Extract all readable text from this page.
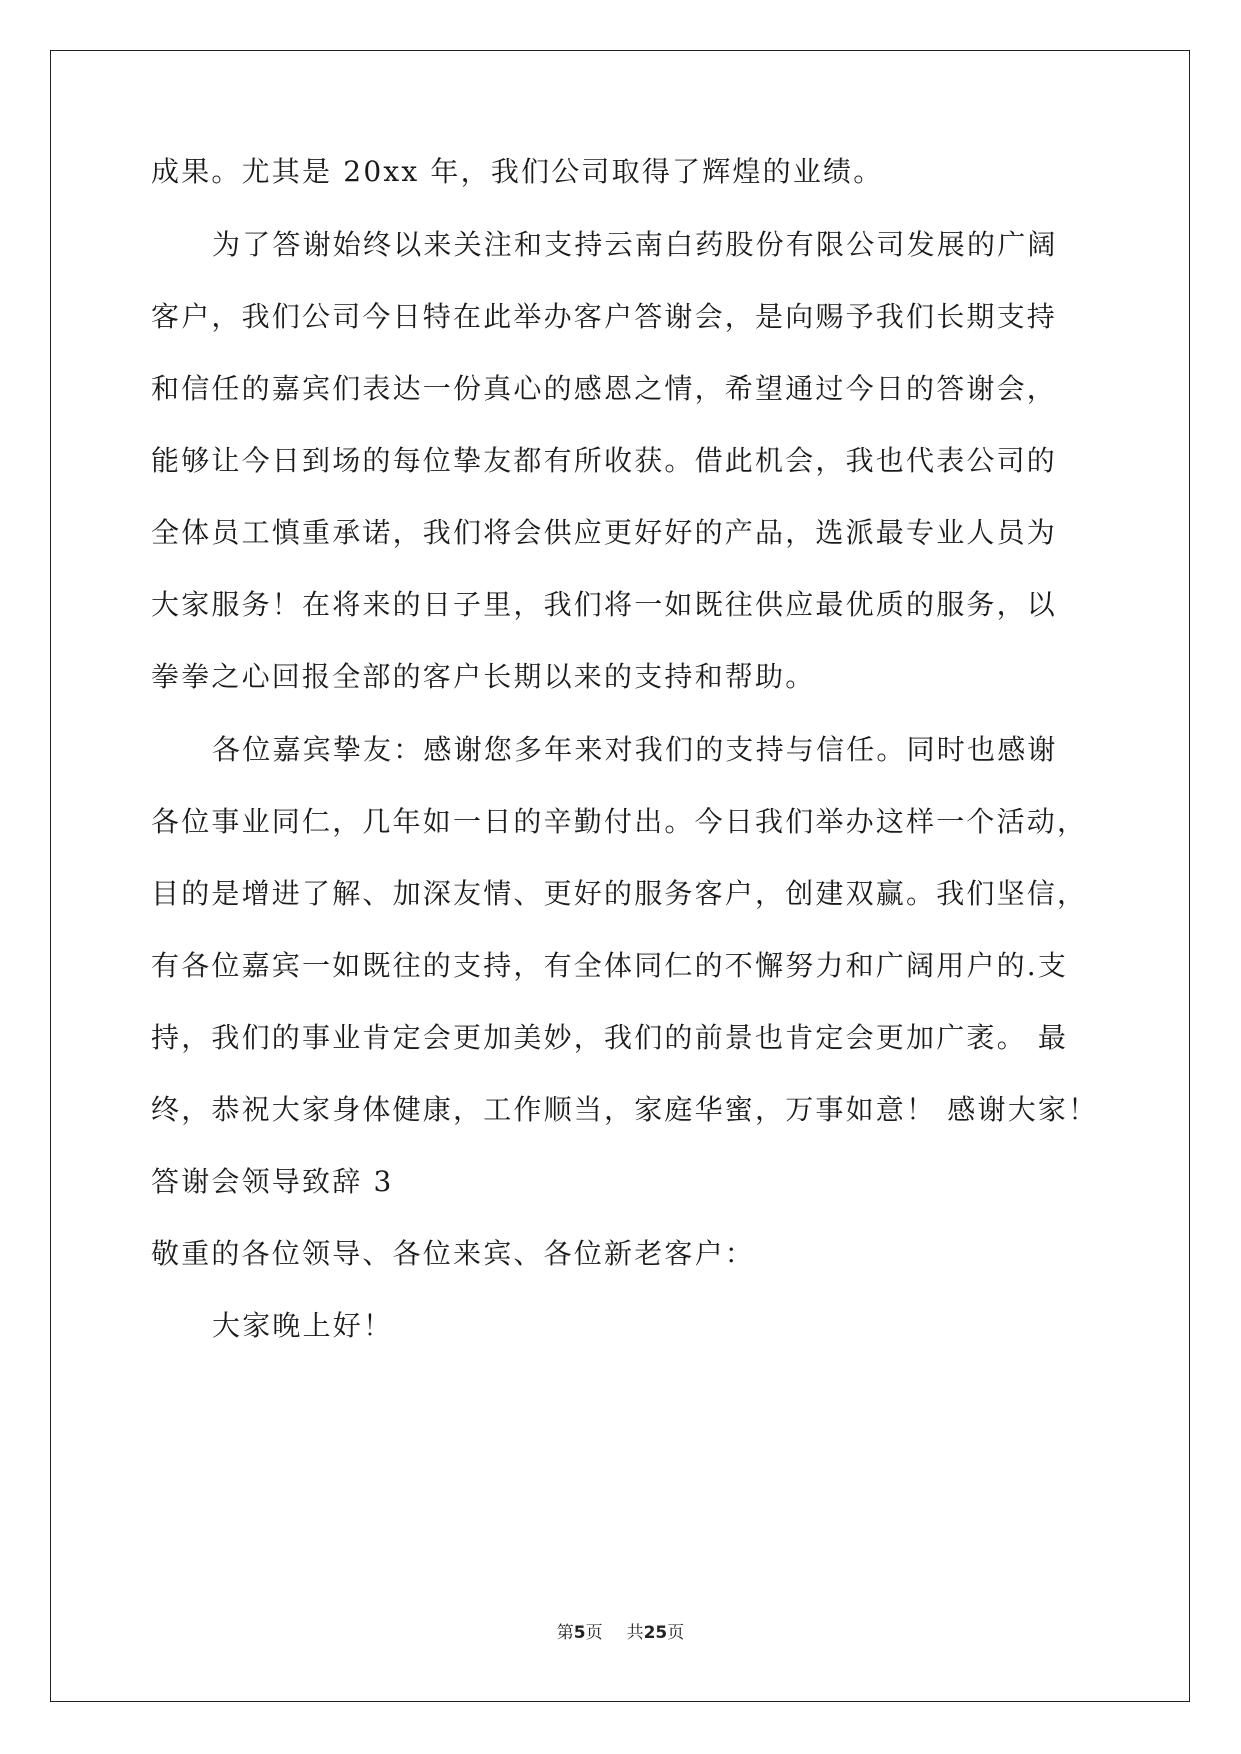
成果。尤其是 20xx 年，我们公司取得了辉煌的业绩。
为了答谢始终以来关注和支持云南白药股份有限公司发展的广阔
客户，我们公司今日特在此举办客户答谢会，是向赐予我们长期支持
和信任的嘉宾们表达一份真心的感恩之情，希望通过今日的答谢会，
能够让今日到场的每位挚友都有所收获。借此机会，我也代表公司的
全体员工慎重承诺，我们将会供应更好好的产品，选派最专业人员为
大家服务！在将来的日子里，我们将一如既往供应最优质的服务，以
拳拳之心回报全部的客户长期以来的支持和帮助。
各位嘉宾挚友：感谢您多年来对我们的支持与信任。同时也感谢
各位事业同仁，几年如一日的辛勤付出。今日我们举办这样一个活动，
目的是增进了解、加深友情、更好的服务客户，创建双赢。我们坚信，
有各位嘉宾一如既往的支持，有全体同仁的不懈努力和广阔用户的.支
持，我们的事业肯定会更加美妙，我们的前景也肯定会更加广袤。 最
终，恭祝大家身体健康，工作顺当，家庭华蜜，万事如意！ 感谢大家！
答谢会领导致辞 3
敬重的各位领导、各位来宾、各位新老客户：
大家晚上好！
第5页 共25页
